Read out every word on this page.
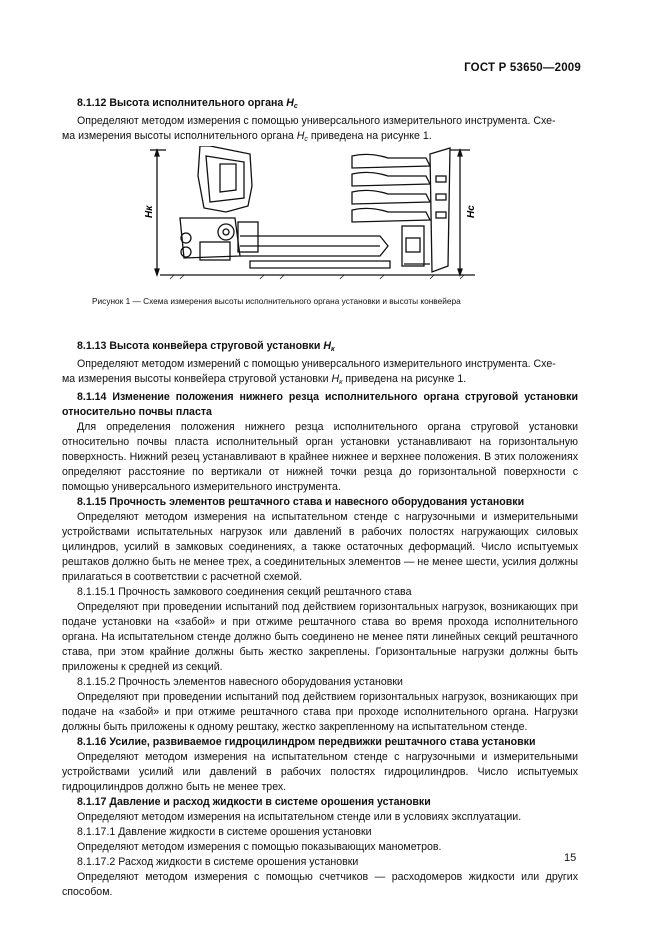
ГОСТ Р 53650—2009

8.1.12 Высота исполнительного органа $H_c$

Определяют методом измерения с помощью универсального измерительного инструмента. Схе-

ма измерения высоты исполнительного органа $H_c$ приведена на рисунке 1.

Hк	Hс
Рисунок 1 — Схема измерения высоты исполнительного органа установки и высоты конвейера

8.1.13 Высота конвейера струговой установки $H_к$

Определяют методом измерений с помощью универсального измерительного инструмента. Схе-

ма измерения высоты конвейера струговой установки $H_к$ приведена на рисунке 1.

8.1.14 Изменение положения нижнего резца исполнительного органа струговой установки относительно почвы пласта

Для определения положения нижнего резца исполнительного органа струговой установки относительно почвы пласта исполнительный орган установки устанавливают на горизонтальную поверхность. Нижний резец устанавливают в крайнее нижнее и верхнее положения. В этих положениях определяют расстояние по вертикали от нижней точки резца до горизонтальной поверхности с помощью универсального измерительного инструмента.

8.1.15 Прочность элементов рештачного става и навесного оборудования установки

Определяют методом измерения на испытательном стенде с нагрузочными и измерительными устройствами испытательных нагрузок или давлений в рабочих полостях нагружающих силовых цилиндров, усилий в замковых соединениях, а также остаточных деформаций. Число испытуемых рештаков должно быть не менее трех, а соединительных элементов — не менее шести, усилия должны прилагаться в соответствии с расчетной схемой.

8.1.15.1 Прочность замкового соединения секций рештачного става

Определяют при проведении испытаний под действием горизонтальных нагрузок, возникающих при подаче установки на «забой» и при отжиме рештачного става во время прохода исполнительного органа. На испытательном стенде должно быть соединено не менее пяти линейных секций рештачного става, при этом крайние должны быть жестко закреплены. Горизонтальные нагрузки должны быть приложены к средней из секций.

8.1.15.2 Прочность элементов навесного оборудования установки

Определяют при проведении испытаний под действием горизонтальных нагрузок, возникающих при подаче на «забой» и при отжиме рештачного става при проходе исполнительного органа. Нагрузки должны быть приложены к одному рештаку, жестко закрепленному на испытательном стенде.

8.1.16 Усилие, развиваемое гидроцилиндром передвижки рештачного става установки

Определяют методом измерения на испытательном стенде с нагрузочными и измерительными устройствами усилий или давлений в рабочих полостях гидроцилиндров. Число испытуемых гидроцилиндров должно быть не менее трех.

8.1.17 Давление и расход жидкости в системе орошения установки

Определяют методом измерения на испытательном стенде или в условиях эксплуатации.

8.1.17.1 Давление жидкости в системе орошения установки

Определяют методом измерения с помощью показывающих манометров.

8.1.17.2 Расход жидкости в системе орошения установки

Определяют методом измерения с помощью счетчиков — расходомеров жидкости или других способом.

15
